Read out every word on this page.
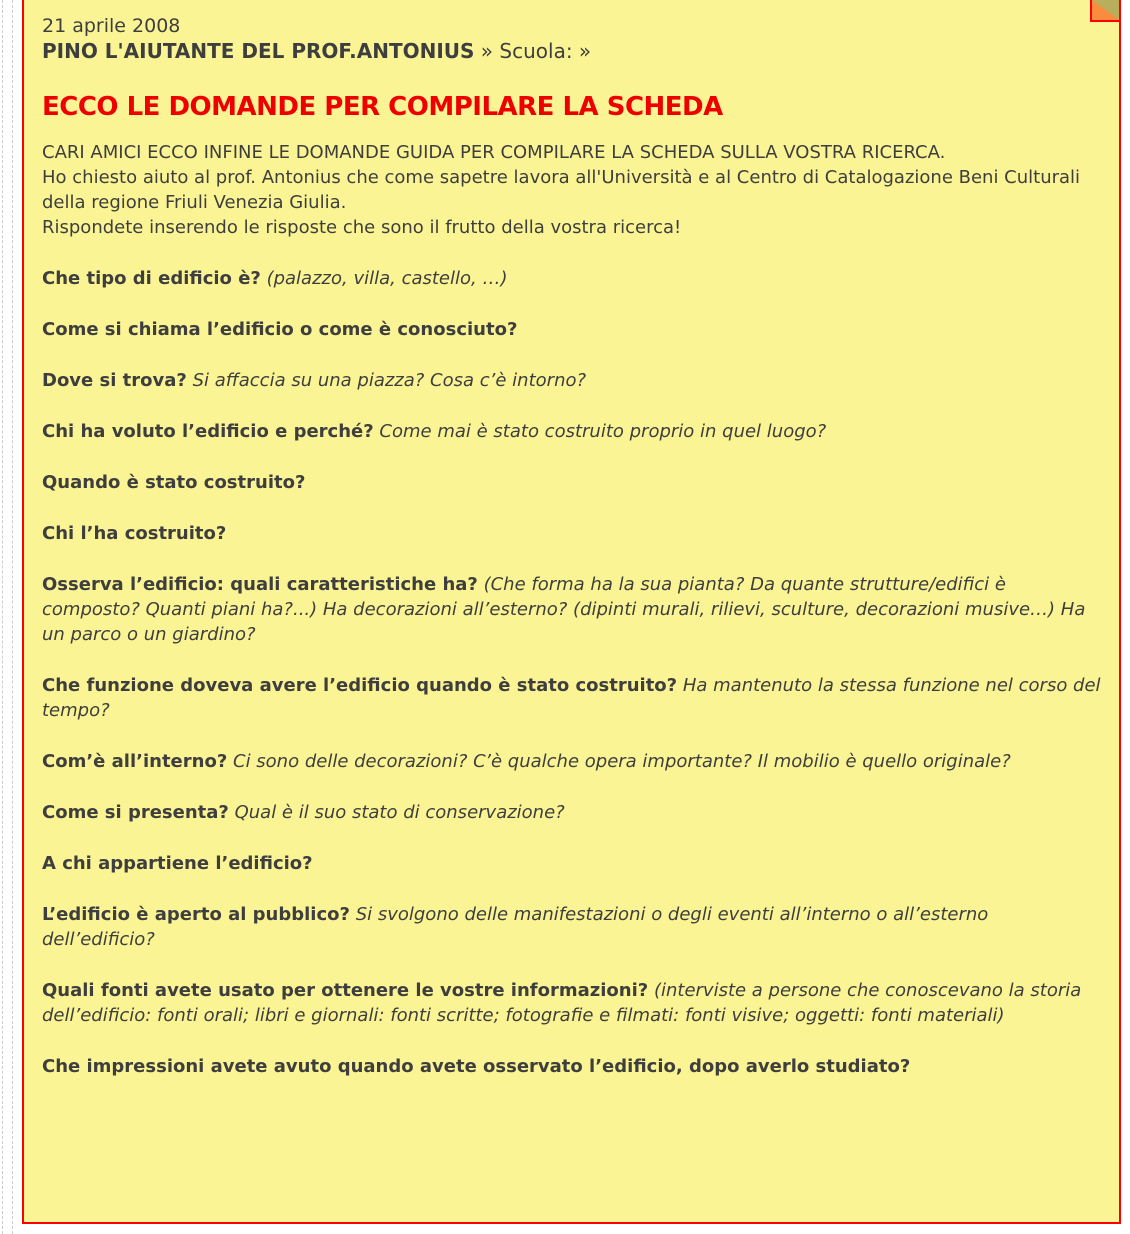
21 aprile 2008
PINO L'AIUTANTE DEL PROF.ANTONIUS » Scuola: »
ECCO LE DOMANDE PER COMPILARE LA SCHEDA

CARI AMICI ECCO INFINE LE DOMANDE GUIDA PER COMPILARE LA SCHEDA SULLA VOSTRA RICERCA.
Ho chiesto aiuto al prof. Antonius che come sapetre lavora all'Università e al Centro di Catalogazione Beni Culturali della regione Friuli Venezia Giulia.
Rispondete inserendo le risposte che sono il frutto della vostra ricerca!

Che tipo di edificio è? (palazzo, villa, castello, …)

Come si chiama l’edificio o come è conosciuto?

Dove si trova? Si affaccia su una piazza? Cosa c’è intorno?

Chi ha voluto l’edificio e perché? Come mai è stato costruito proprio in quel luogo?

Quando è stato costruito?

Chi l’ha costruito?

Osserva l’edificio: quali caratteristiche ha? (Che forma ha la sua pianta? Da quante strutture/edifici è composto? Quanti piani ha?...) Ha decorazioni all’esterno? (dipinti murali, rilievi, sculture, decorazioni musive…) Ha un parco o un giardino?

Che funzione doveva avere l’edificio quando è stato costruito? Ha mantenuto la stessa funzione nel corso del tempo?

Com’è all’interno? Ci sono delle decorazioni? C’è qualche opera importante? Il mobilio è quello originale?

Come si presenta? Qual è il suo stato di conservazione?

A chi appartiene l’edificio?

L’edificio è aperto al pubblico? Si svolgono delle manifestazioni o degli eventi all’interno o all’esterno dell’edificio?

Quali fonti avete usato per ottenere le vostre informazioni? (interviste a persone che conoscevano la storia dell’edificio: fonti orali; libri e giornali: fonti scritte; fotografie e filmati: fonti visive; oggetti: fonti materiali)

Che impressioni avete avuto quando avete osservato l’edificio, dopo averlo studiato?
